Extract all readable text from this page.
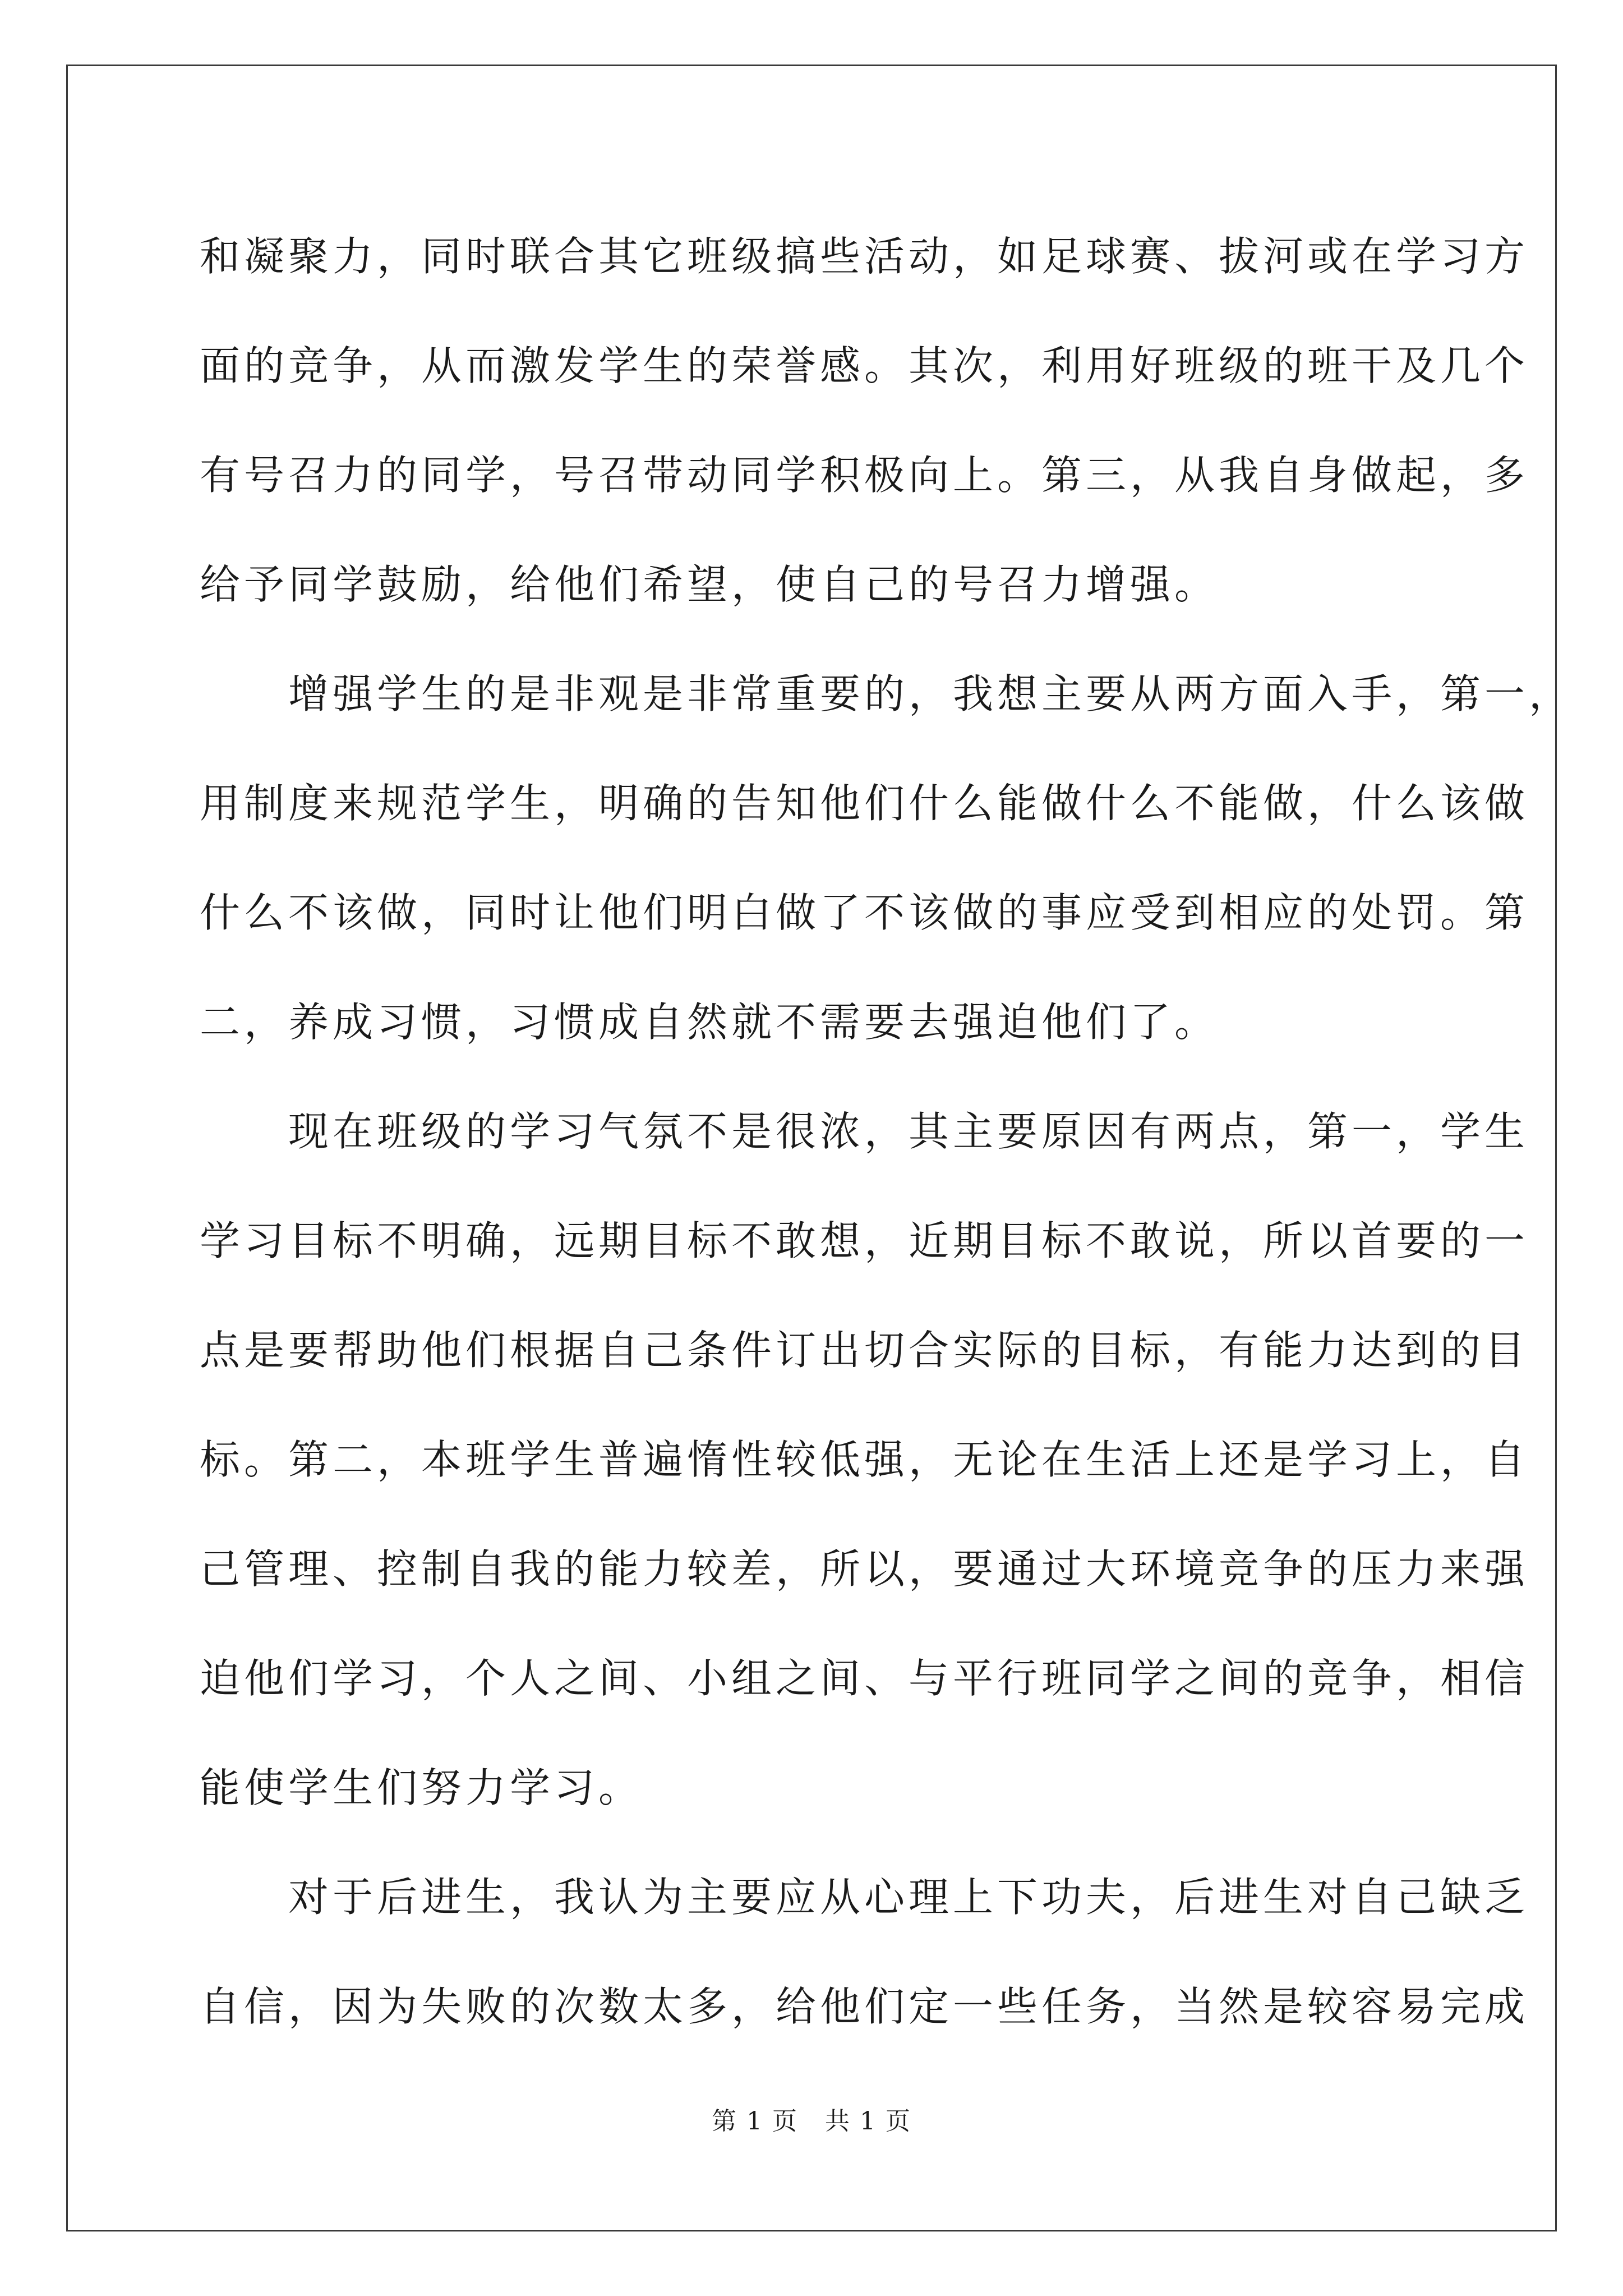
和凝聚力，同时联合其它班级搞些活动，如足球赛、拔河或在学习方
面的竞争，从而激发学生的荣誉感。其次，利用好班级的班干及几个
有号召力的同学，号召带动同学积极向上。第三，从我自身做起，多
给予同学鼓励，给他们希望，使自己的号召力增强。
增强学生的是非观是非常重要的，我想主要从两方面入手，第一，
用制度来规范学生，明确的告知他们什么能做什么不能做，什么该做
什么不该做，同时让他们明白做了不该做的事应受到相应的处罚。第
二，养成习惯，习惯成自然就不需要去强迫他们了。
现在班级的学习气氛不是很浓，其主要原因有两点，第一，学生
学习目标不明确，远期目标不敢想，近期目标不敢说，所以首要的一
点是要帮助他们根据自己条件订出切合实际的目标，有能力达到的目
标。第二，本班学生普遍惰性较低强，无论在生活上还是学习上，自
己管理、控制自我的能力较差，所以，要通过大环境竞争的压力来强
迫他们学习，个人之间、小组之间、与平行班同学之间的竞争，相信
能使学生们努力学习。
对于后进生，我认为主要应从心理上下功夫，后进生对自己缺乏
自信，因为失败的次数太多，给他们定一些任务，当然是较容易完成
第 1 页 共 1 页
